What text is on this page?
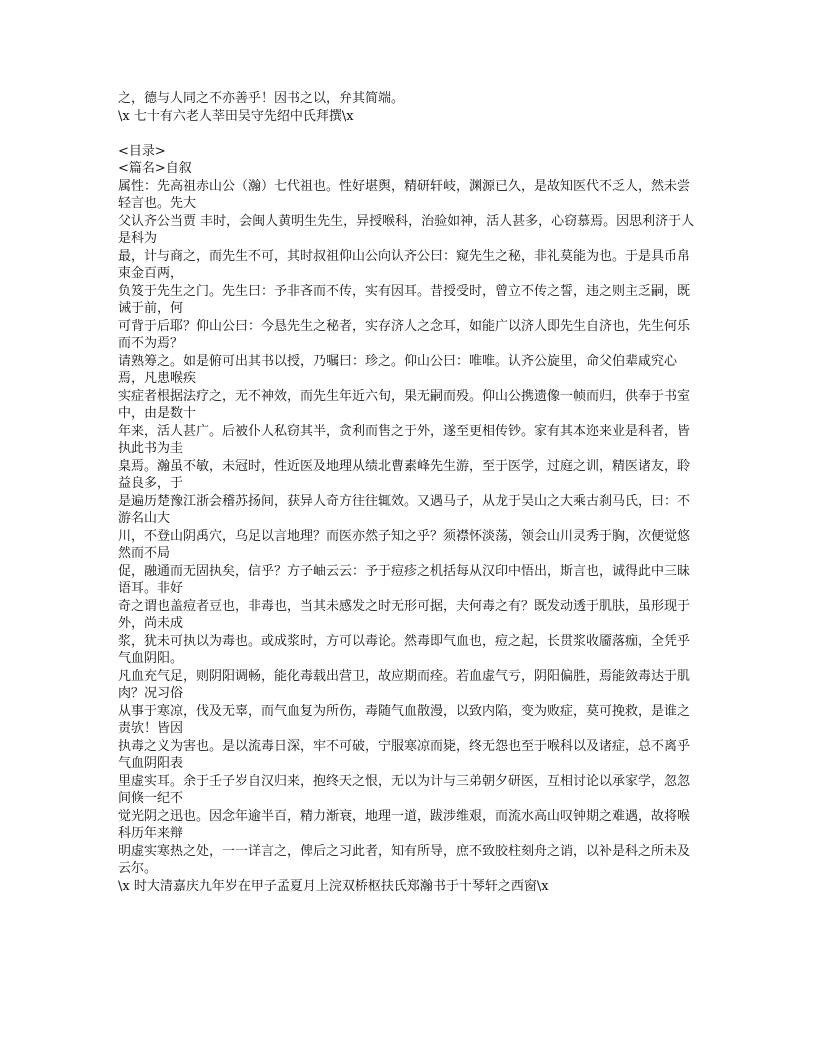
之，德与人同之不亦善乎！因书之以，弁其简端。
\x 七十有六老人莘田吴守先绍中氏拜撰\x
<目录>
<篇名>自叙
属性：先高祖赤山公（瀚）七代祖也。性好堪舆，精研轩岐，渊源已久，是故知医代不乏人，然未尝轻言也。先大
父认齐公当贾 丰时，会闽人黄明生先生，异授喉科，治验如神，活人甚多，心窃慕焉。因思利济于人是科为
最，计与商之，而先生不可，其时叔祖仰山公向认齐公曰：窥先生之秘，非礼莫能为也。于是具币帛束金百两，
负笈于先生之门。先生曰：予非吝而不传，实有因耳。昔授受时，曾立不传之誓，违之则主乏嗣，既诫于前，何
可背于后耶？仰山公曰：今恳先生之秘者，实存济人之念耳，如能广以济人即先生自济也，先生何乐而不为焉？
请熟筹之。如是俯可出其书以授，乃嘱曰：珍之。仰山公曰：唯唯。认齐公旋里，命父伯辈咸究心焉，凡患喉疾
实症者根据法疗之，无不神效，而先生年近六旬，果无嗣而殁。仰山公携遗像一帧而归，供奉于书室中，由是数十
年来，活人甚广。后被仆人私窃其半，贪利而售之于外，遂至更相传钞。家有其本迩来业是科者，皆执此书为圭
臬焉。瀚虽不敏，未冠时，性近医及地理从绩北曹素峰先生游，至于医学，过庭之训，精医诸友，聆益良多，于
是遍历楚豫江浙会稽苏扬间，获异人奇方往往辄效。又遇马子，从龙于吴山之大乘古刹马氏，曰：不游名山大
川，不登山阴禹穴，乌足以言地理？而医亦然子知之乎？须襟怀淡荡，领会山川灵秀于胸，次便觉悠然而不局
促，融通而无固执矣，信乎？方子岫云云：予于痘疹之机括每从汉印中悟出，斯言也，诚得此中三昧语耳。非好
奇之谓也盖痘者豆也，非毒也，当其未感发之时无形可据，夫何毒之有？既发动透于肌肤，虽形现于外，尚未成
浆，犹未可执以为毒也。或成浆时，方可以毒论。然毒即气血也，痘之起，长贯浆收靥落痂，全凭乎气血阴阳。
凡血充气足，则阴阳调畅，能化毒载出营卫，故应期而痊。若血虚气亏，阴阳偏胜，焉能敛毒达于肌肉？况习俗
从事于寒凉，伐及无辜，而气血复为所伤，毒随气血散漫，以致内陷，变为败症，莫可挽救，是谁之责欤！皆因
执毒之义为害也。是以流毒日深，牢不可破，宁服寒凉而毙，终无怨也至于喉科以及诸症，总不离乎气血阴阳表
里虚实耳。余于壬子岁自汉归来，抱终天之恨，无以为计与三弟朝夕研医，互相讨论以承家学，忽忽间倏一纪不
觉光阴之迅也。因念年逾半百，精力渐衰，地理一道，跋涉维艰，而流水高山叹钟期之难遇，故将喉科历年来辩
明虚实寒热之处，一一详言之，俾后之习此者，知有所导，庶不致胶柱刻舟之诮，以补是科之所未及云尔。
\x 时大清嘉庆九年岁在甲子孟夏月上浣双桥枢扶氏郑瀚书于十琴轩之西窗\x
